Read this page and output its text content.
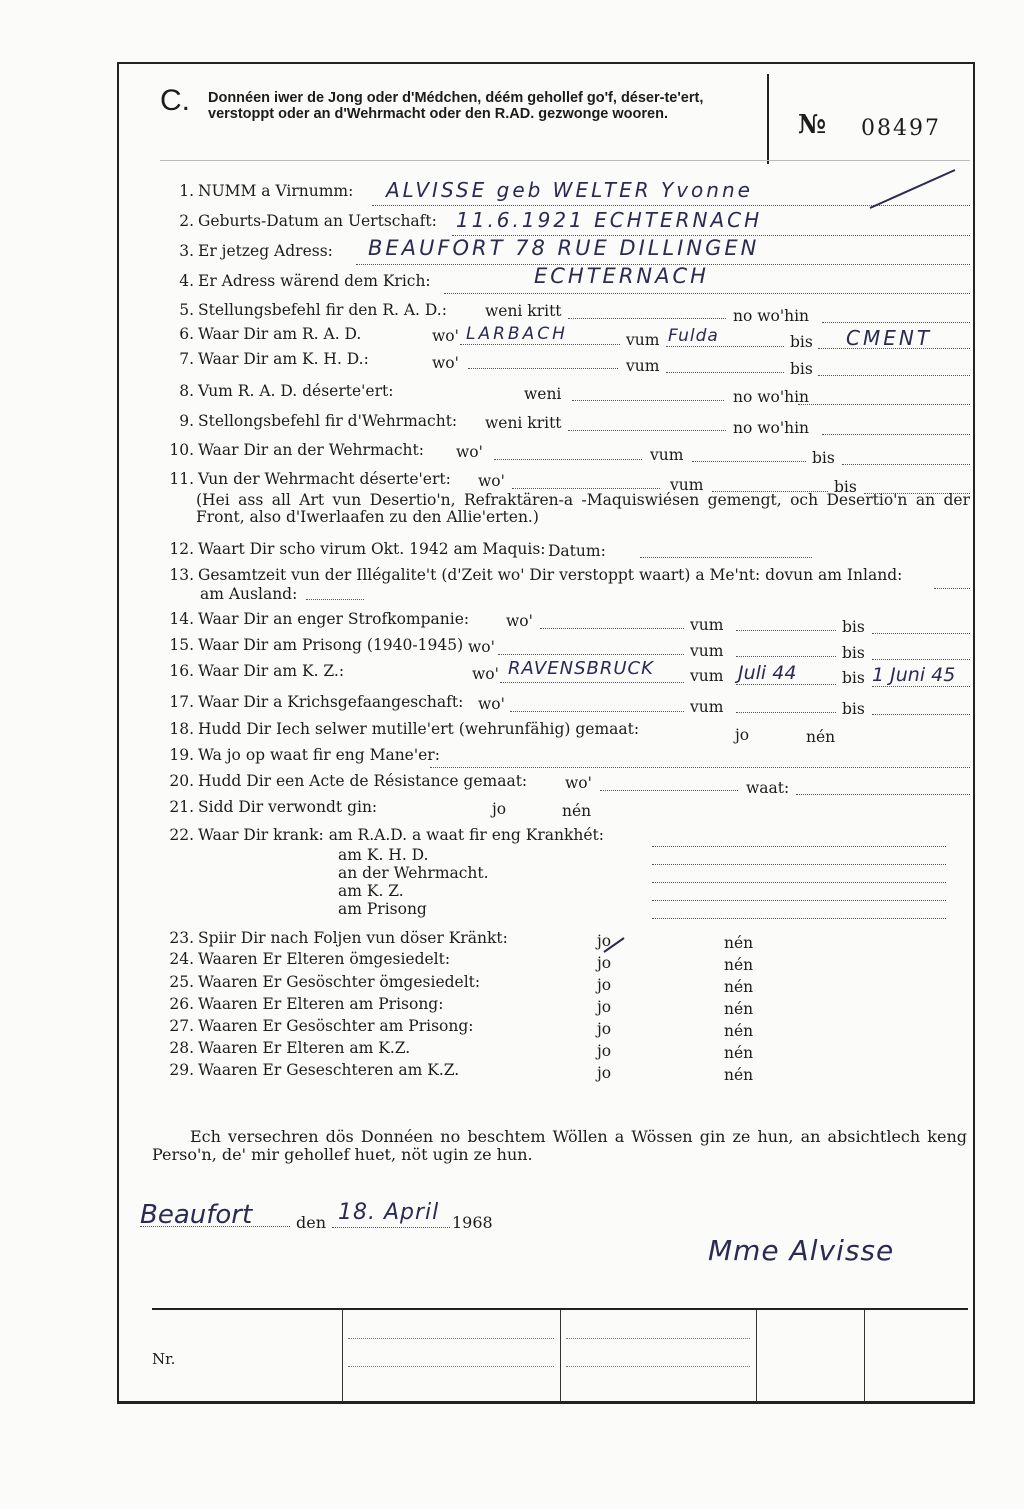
C. Donnéen iwer de Jong oder d'Médchen, déém gehollef go'f, déser-te'ert, verstoppt oder an d'Wehrmacht oder den R.AD. gezwonge wooren.	№ 08497
1. NUMM a Virnumm:	ALVISSE geb WELTER Yvonne
2. Geburts-Datum an Uertschaft: 11.6.1921 ECHTERNACH
3. Er jetzeg Adress:	BEAUFORT 78 RUE DILLINGEN
4. Er Adress wärend dem Krich:	ECHTERNACH
5. Stellungsbefehl fir den R. A. D.:	weni kritt	no wo'hin
6. Waar Dir am R. A. D.	wo' LARBACH	vum Fulda	bis CMENT
7. Waar Dir am K. H. D.:	wo'	vum	bis
8. Vum R. A. D. déserte'ert:	weni	no wo'hin
9. Stellongsbefehl fir d'Wehrmacht:	weni kritt	no wo'hin
10. Waar Dir an der Wehrmacht:	wo'	vum	bis
11. Vun der Wehrmacht déserte'ert:	wo'	vum	bis
(Hei ass all Art vun Desertio'n, Refraktären-a -Maquiswiésen gemengt, och Desertio'n an der Front, also d'Iwerlaafen zu den Allie'erten.)
12. Waart Dir scho virum Okt. 1942 am Maquis: Datum:
13. Gesamtzeit vun der Illégalite't (d'Zeit wo' Dir verstoppt waart) a Me'nt: dovun am Inland:
am Ausland:
14. Waar Dir an enger Strofkompanie:	wo'	vum	bis
15. Waar Dir am Prisong (1940-1945) wo'	vum	bis
16. Waar Dir am K. Z.:	wo' RAVENSBRUCK vum Juli 44	bis 1 Juni 45
17. Waar Dir a Krichsgefaangeschaft: wo'	vum	bis
18. Hudd Dir Iech selwer mutille'ert (wehrunfähig) gemaat:	jo	nén
19. Wa jo op waat fir eng Mane'er:
20. Hudd Dir een Acte de Résistance gemaat:	wo'	waat:
21. Sidd Dir verwondt gin:	jo	nén
22. Waar Dir krank: am R.A.D. a waat fir eng Krankhét:
am K. H. D.
an der Wehrmacht.
am K. Z.
am Prisong
23. Spiir Dir nach Foljen vun döser Kränkt:	jo	nén
24. Waaren Er Elteren ömgesiedelt:	jo	nén
25. Waaren Er Gesöschter ömgesiedelt:	jo	nén
26. Waaren Er Elteren am Prisong:	jo	nén
27. Waaren Er Gesöschter am Prisong:	jo	nén
28. Waaren Er Elteren am K.Z.	jo	nén
29. Waaren Er Geseschteren am K.Z.	jo	nén
Ech versechren dös Donnéen no beschtem Wöllen a Wössen gin ze hun, an absichtlech keng Perso'n, de' mir gehollef huet, nöt ugin ze hun.
Beaufort	den 18. April 1968
Mme Alvisse
Nr.
